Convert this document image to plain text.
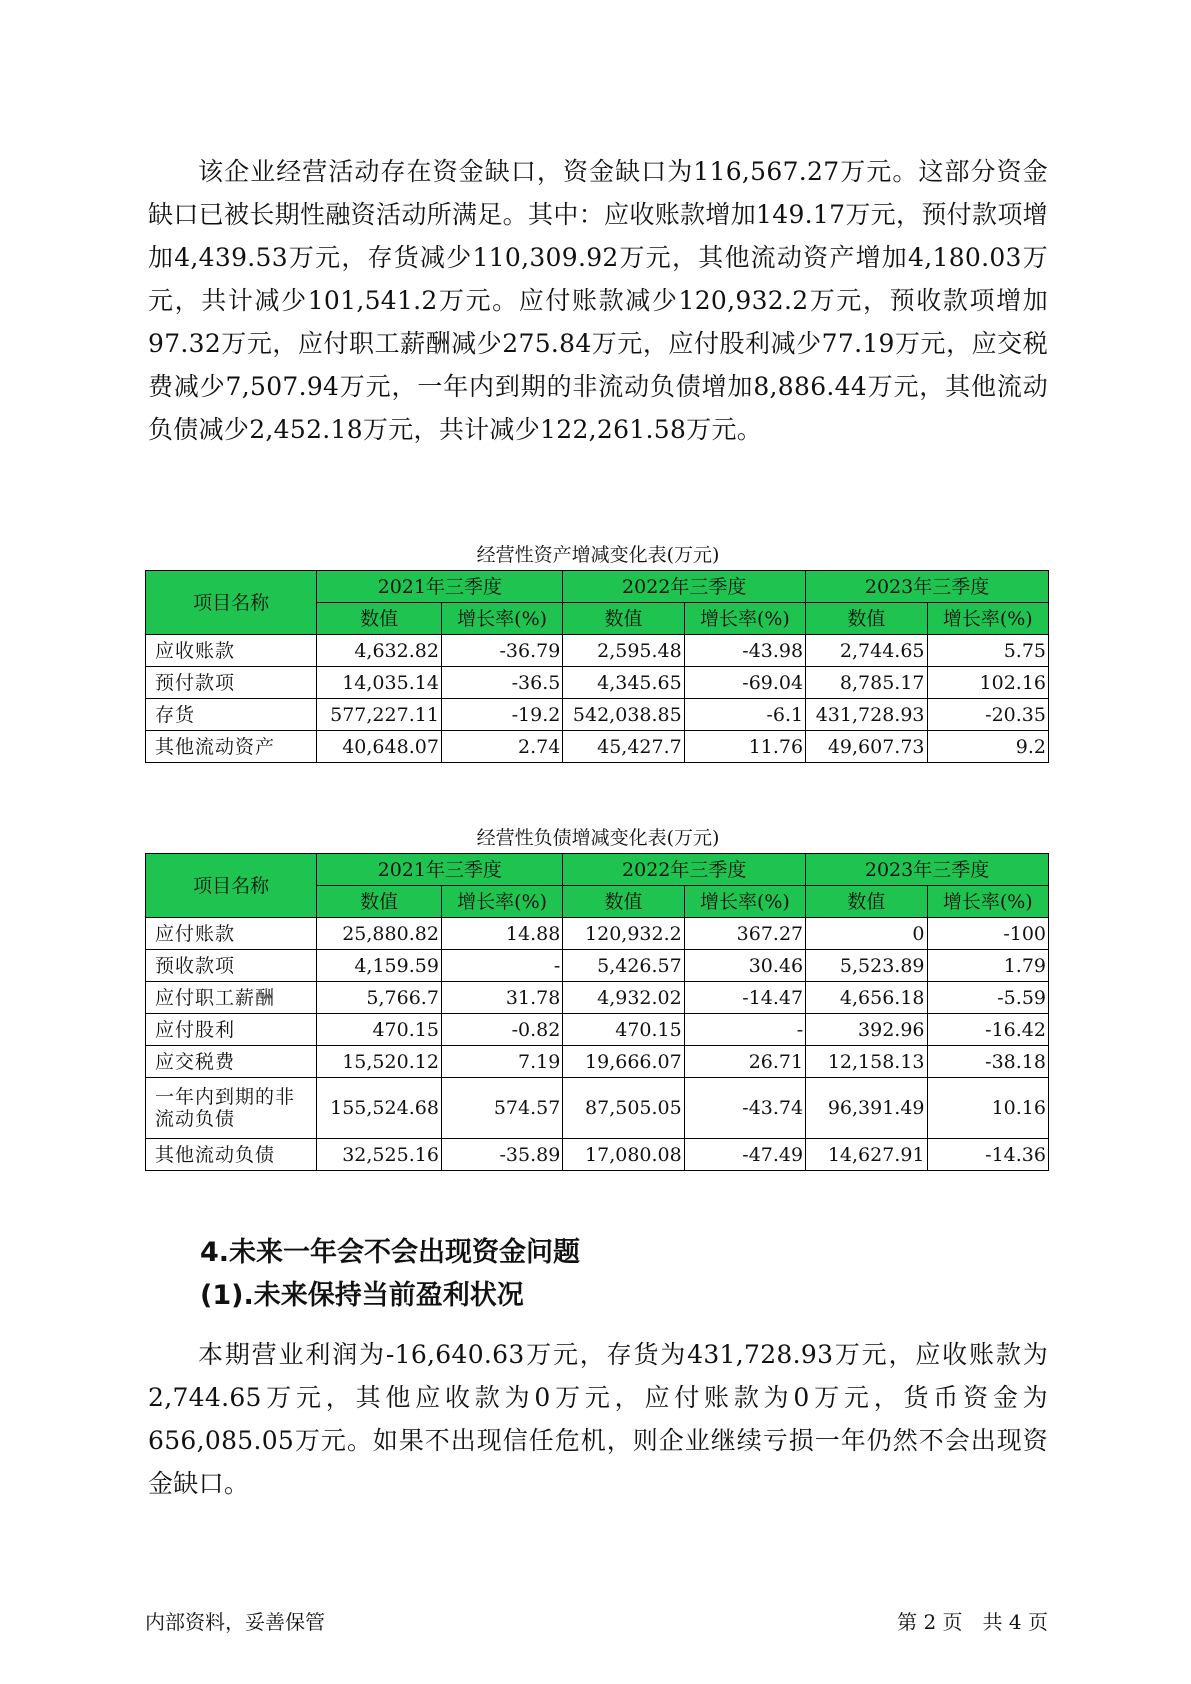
该企业经营活动存在资金缺口，资金缺口为116,567.27万元。这部分资金缺口已被长期性融资活动所满足。其中：应收账款增加149.17万元，预付款项增加4,439.53万元，存货减少110,309.92万元，其他流动资产增加4,180.03万元，共计减少101,541.2万元。应付账款减少120,932.2万元，预收款项增加97.32万元，应付职工薪酬减少275.84万元，应付股利减少77.19万元，应交税费减少7,507.94万元，一年内到期的非流动负债增加8,886.44万元，其他流动负债减少2,452.18万元，共计减少122,261.58万元。

经营性资产增减变化表(万元)
项目名称	2021年三季度		2022年三季度		2023年三季度	
	数值	增长率(%)	数值	增长率(%)	数值	增长率(%)
应收账款	4,632.82	-36.79	2,595.48	-43.98	2,744.65	5.75
预付款项	14,035.14	-36.5	4,345.65	-69.04	8,785.17	102.16
存货	577,227.11	-19.2	542,038.85	-6.1	431,728.93	-20.35
其他流动资产	40,648.07	2.74	45,427.7	11.76	49,607.73	9.2
经营性负债增减变化表(万元)
项目名称	2021年三季度		2022年三季度		2023年三季度	
	数值	增长率(%)	数值	增长率(%)	数值	增长率(%)
应付账款	25,880.82	14.88	120,932.2	367.27	0	-100
预收款项	4,159.59	-	5,426.57	30.46	5,523.89	1.79
应付职工薪酬	5,766.7	31.78	4,932.02	-14.47	4,656.18	-5.59
应付股利	470.15	-0.82	470.15	-	392.96	-16.42
应交税费	15,520.12	7.19	19,666.07	26.71	12,158.13	-38.18
一年内到期的非流动负债	155,524.68	574.57	87,505.05	-43.74	96,391.49	10.16
其他流动负债	32,525.16	-35.89	17,080.08	-47.49	14,627.91	-14.36
4.未来一年会不会出现资金问题
(1).未来保持当前盈利状况

本期营业利润为-16,640.63万元，存货为431,728.93万元，应收账款为2,744.65万元，其他应收款为0万元，应付账款为0万元，货币资金为656,085.05万元。如果不出现信任危机，则企业继续亏损一年仍然不会出现资金缺口。

内部资料，妥善保管	第 2 页　共 4 页
